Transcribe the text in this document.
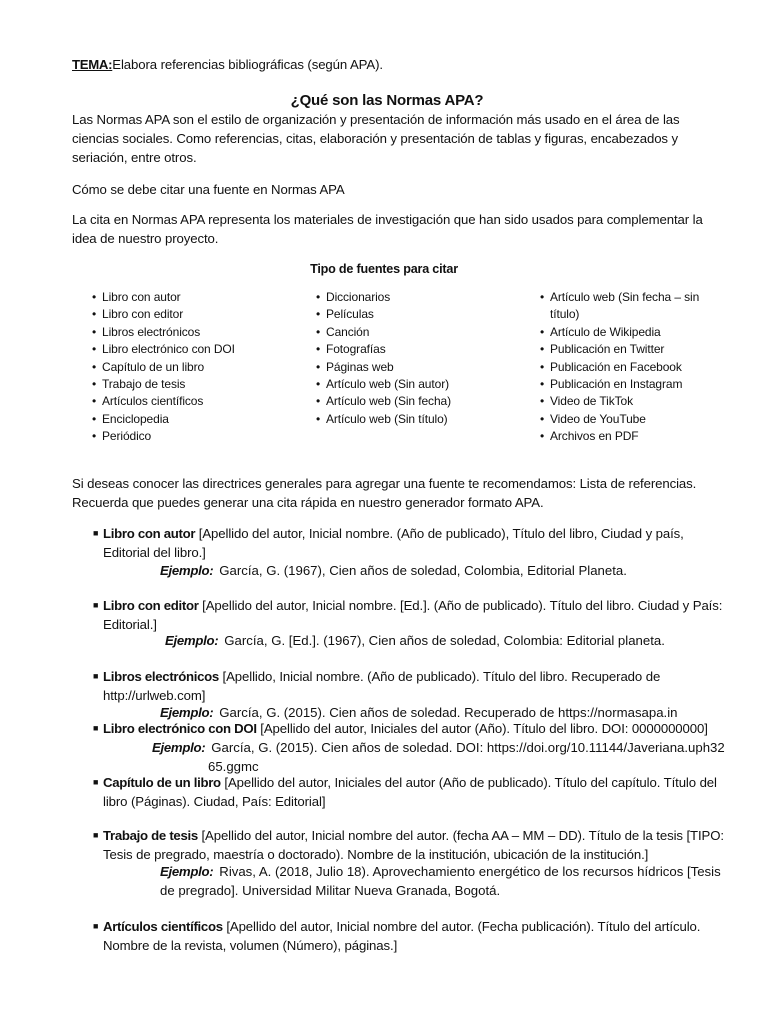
TEMA:Elabora referencias bibliográficas (según APA).
¿Qué son las Normas APA?
Las Normas APA son el estilo de organización y presentación de información más usado en el área de las
ciencias sociales. Como referencias, citas, elaboración y presentación de tablas y figuras, encabezados y
seriación, entre otros.
Cómo se debe citar una fuente en Normas APA
La cita en Normas APA representa los materiales de investigación que han sido usados para complementar la
idea de nuestro proyecto.
Tipo de fuentes para citar
• Libro con autor
• Libro con editor
• Libros electrónicos
• Libro electrónico con DOI
• Capítulo de un libro
• Trabajo de tesis
• Artículos científicos
• Enciclopedia
• Periódico
• Diccionarios
• Películas
• Canción
• Fotografías
• Páginas web
• Artículo web (Sin autor)
• Artículo web (Sin fecha)
• Artículo web (Sin título)
• Artículo web (Sin fecha – sin título)
• Artículo de Wikipedia
• Publicación en Twitter
• Publicación en Facebook
• Publicación en Instagram
• Video de TikTok
• Video de YouTube
• Archivos en PDF
Si deseas conocer las directrices generales para agregar una fuente te recomendamos: Lista de referencias.
Recuerda que puedes generar una cita rápida en nuestro generador formato APA.
■ Libro con autor [Apellido del autor, Inicial nombre. (Año de publicado), Título del libro, Ciudad y país,
Editorial del libro.]
Ejemplo: García, G. (1967), Cien años de soledad, Colombia, Editorial Planeta.
■ Libro con editor [Apellido del autor, Inicial nombre. [Ed.]. (Año de publicado). Título del libro. Ciudad y País:
Editorial.]
Ejemplo: García, G. [Ed.]. (1967), Cien años de soledad, Colombia: Editorial planeta.
■ Libros electrónicos [Apellido, Inicial nombre. (Año de publicado). Título del libro. Recuperado de
http://urlweb.com]
Ejemplo: García, G. (2015). Cien años de soledad. Recuperado de https://normasapa.in
■ Libro electrónico con DOI [Apellido del autor, Iniciales del autor (Año). Título del libro. DOI: 0000000000]
Ejemplo: García, G. (2015). Cien años de soledad. DOI: https://doi.org/10.11144/Javeriana.uph32
65.ggmc
■ Capítulo de un libro [Apellido del autor, Iniciales del autor (Año de publicado). Título del capítulo. Título del
libro (Páginas). Ciudad, País: Editorial]
■ Trabajo de tesis [Apellido del autor, Inicial nombre del autor. (fecha AA – MM – DD). Título de la tesis [TIPO:
Tesis de pregrado, maestría o doctorado). Nombre de la institución, ubicación de la institución.]
Ejemplo: Rivas, A. (2018, Julio 18). Aprovechamiento energético de los recursos hídricos [Tesis
de pregrado]. Universidad Militar Nueva Granada, Bogotá.
■ Artículos científicos [Apellido del autor, Inicial nombre del autor. (Fecha publicación). Título del artículo.
Nombre de la revista, volumen (Número), páginas.]
